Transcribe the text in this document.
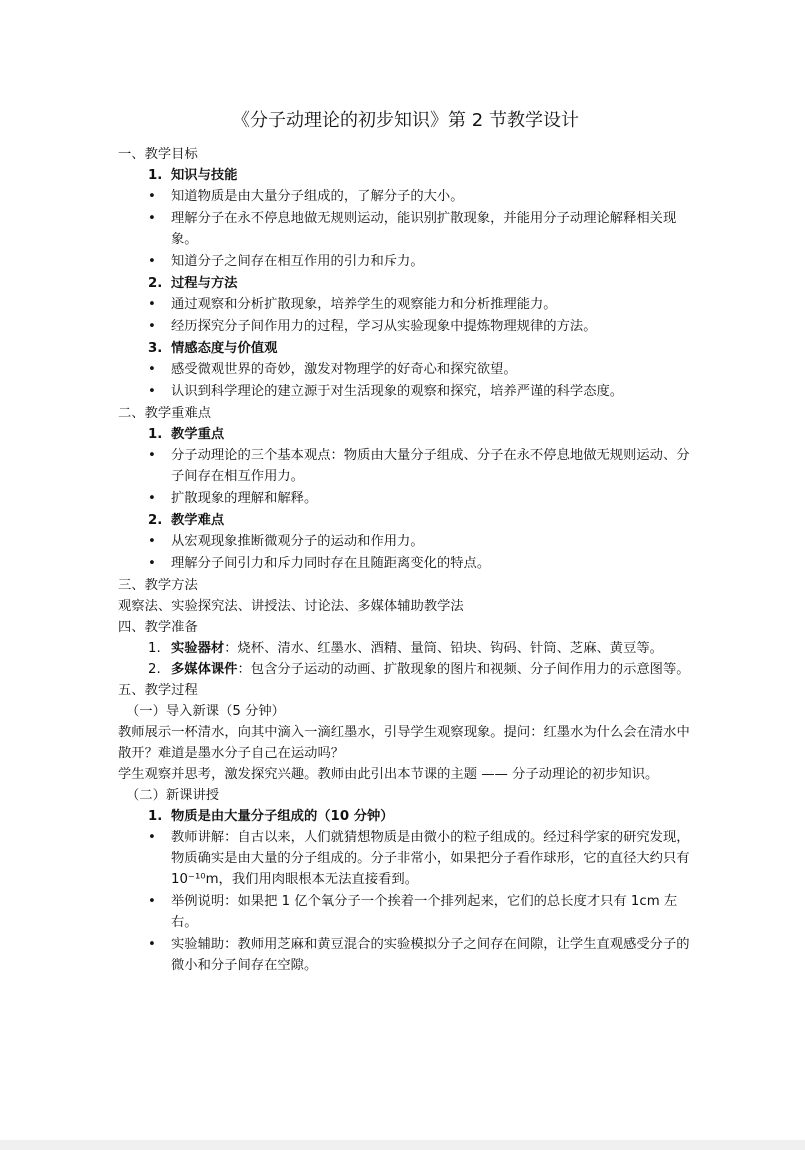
《分子动理论的初步知识》第 2 节教学设计
一、教学目标
1. 知识与技能
• 知道物质是由大量分子组成的，了解分子的大小。
• 理解分子在永不停息地做无规则运动，能识别扩散现象，并能用分子动理论解释相关现象。
• 知道分子之间存在相互作用的引力和斥力。
2. 过程与方法
• 通过观察和分析扩散现象，培养学生的观察能力和分析推理能力。
• 经历探究分子间作用力的过程，学习从实验现象中提炼物理规律的方法。
3. 情感态度与价值观
• 感受微观世界的奇妙，激发对物理学的好奇心和探究欲望。
• 认识到科学理论的建立源于对生活现象的观察和探究，培养严谨的科学态度。
二、教学重难点
1. 教学重点
• 分子动理论的三个基本观点：物质由大量分子组成、分子在永不停息地做无规则运动、分子间存在相互作用力。
• 扩散现象的理解和解释。
2. 教学难点
• 从宏观现象推断微观分子的运动和作用力。
• 理解分子间引力和斥力同时存在且随距离变化的特点。
三、教学方法
观察法、实验探究法、讲授法、讨论法、多媒体辅助教学法
四、教学准备
1. 实验器材：烧杯、清水、红墨水、酒精、量筒、铅块、钩码、针筒、芝麻、黄豆等。
2. 多媒体课件：包含分子运动的动画、扩散现象的图片和视频、分子间作用力的示意图等。
五、教学过程
（一）导入新课（5 分钟）
教师展示一杯清水，向其中滴入一滴红墨水，引导学生观察现象。提问：红墨水为什么会在清水中散开？难道是墨水分子自己在运动吗？
学生观察并思考，激发探究兴趣。教师由此引出本节课的主题 —— 分子动理论的初步知识。
（二）新课讲授
1. 物质是由大量分子组成的（10 分钟）
• 教师讲解：自古以来，人们就猜想物质是由微小的粒子组成的。经过科学家的研究发现，物质确实是由大量的分子组成的。分子非常小，如果把分子看作球形，它的直径大约只有 10⁻¹⁰m，我们用肉眼根本无法直接看到。
• 举例说明：如果把 1 亿个氧分子一个挨着一个排列起来，它们的总长度才只有 1cm 左右。
• 实验辅助：教师用芝麻和黄豆混合的实验模拟分子之间存在间隙，让学生直观感受分子的微小和分子间存在空隙。
